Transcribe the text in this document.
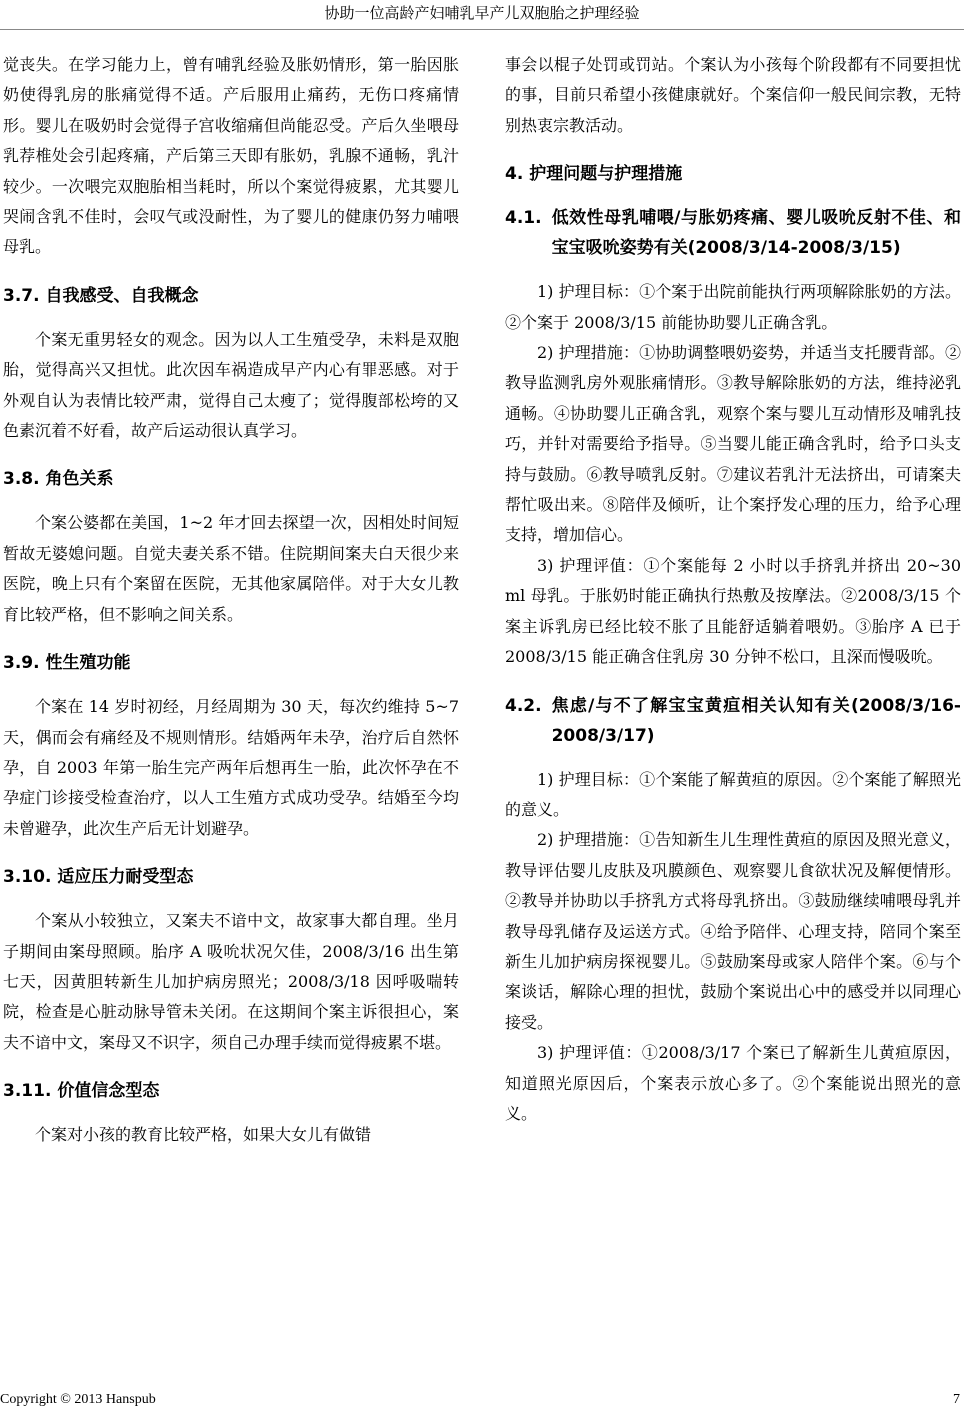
协助一位高龄产妇哺乳早产儿双胞胎之护理经验

觉丧失。在学习能力上，曾有哺乳经验及胀奶情形，第一胎因胀奶使得乳房的胀痛觉得不适。产后服用止痛药，无伤口疼痛情形。婴儿在吸奶时会觉得子宫收缩痛但尚能忍受。产后久坐喂母乳荐椎处会引起疼痛，产后第三天即有胀奶，乳腺不通畅，乳汁较少。一次喂完双胞胎相当耗时，所以个案觉得疲累，尤其婴儿哭闹含乳不佳时，会叹气或没耐性，为了婴儿的健康仍努力哺喂母乳。

3.7. 自我感受、自我概念

个案无重男轻女的观念。因为以人工生殖受孕，未料是双胞胎，觉得高兴又担忧。此次因车祸造成早产内心有罪恶感。对于外观自认为表情比较严肃，觉得自己太瘦了；觉得腹部松垮的又色素沉着不好看，故产后运动很认真学习。

3.8. 角色关系

个案公婆都在美国，1~2 年才回去探望一次，因相处时间短暂故无婆媳问题。自觉夫妻关系不错。住院期间案夫白天很少来医院，晚上只有个案留在医院，无其他家属陪伴。对于大女儿教育比较严格，但不影响之间关系。

3.9. 性生殖功能

个案在 14 岁时初经，月经周期为 30 天，每次约维持 5~7 天，偶而会有痛经及不规则情形。结婚两年未孕，治疗后自然怀孕，自 2003 年第一胎生完产两年后想再生一胎，此次怀孕在不孕症门诊接受检查治疗，以人工生殖方式成功受孕。结婚至今均未曾避孕，此次生产后无计划避孕。

3.10. 适应压力耐受型态

个案从小较独立，又案夫不谙中文，故家事大都自理。坐月子期间由案母照顾。胎序 A 吸吮状况欠佳，2008/3/16 出生第七天，因黄胆转新生儿加护病房照光；2008/3/18 因呼吸喘转院，检查是心脏动脉导管未关闭。在这期间个案主诉很担心，案夫不谙中文，案母又不识字，须自己办理手续而觉得疲累不堪。

3.11. 价值信念型态

个案对小孩的教育比较严格，如果大女儿有做错

事会以棍子处罚或罚站。个案认为小孩每个阶段都有不同要担忧的事，目前只希望小孩健康就好。个案信仰一般民间宗教，无特别热衷宗教活动。

4. 护理问题与护理措施
4.1. 低效性母乳哺喂/与胀奶疼痛、婴儿吸吮反射不佳、和宝宝吸吮姿势有关(2008/3/14-2008/3/15)

1) 护理目标：①个案于出院前能执行两项解除胀奶的方法。②个案于 2008/3/15 前能协助婴儿正确含乳。

2) 护理措施：①协助调整喂奶姿势，并适当支托腰背部。②教导监测乳房外观胀痛情形。③教导解除胀奶的方法，维持泌乳通畅。④协助婴儿正确含乳，观察个案与婴儿互动情形及哺乳技巧，并针对需要给予指导。⑤当婴儿能正确含乳时，给予口头支持与鼓励。⑥教导喷乳反射。⑦建议若乳汁无法挤出，可请案夫帮忙吸出来。⑧陪伴及倾听，让个案抒发心理的压力，给予心理支持，增加信心。

3) 护理评值：①个案能每 2 小时以手挤乳并挤出 20~30 ml 母乳。于胀奶时能正确执行热敷及按摩法。②2008/3/15 个案主诉乳房已经比较不胀了且能舒适躺着喂奶。③胎序 A 已于 2008/3/15 能正确含住乳房 30 分钟不松口，且深而慢吸吮。

4.2. 焦虑/与不了解宝宝黄疸相关认知有关(2008/3/16-2008/3/17)

1) 护理目标：①个案能了解黄疸的原因。②个案能了解照光的意义。

2) 护理措施：①告知新生儿生理性黄疸的原因及照光意义，教导评估婴儿皮肤及巩膜颜色、观察婴儿食欲状况及解便情形。②教导并协助以手挤乳方式将母乳挤出。③鼓励继续哺喂母乳并教导母乳储存及运送方式。④给予陪伴、心理支持，陪同个案至新生儿加护病房探视婴儿。⑤鼓励案母或家人陪伴个案。⑥与个案谈话，解除心理的担忧，鼓励个案说出心中的感受并以同理心接受。

3) 护理评值：①2008/3/17 个案已了解新生儿黄疸原因，知道照光原因后，个案表示放心多了。②个案能说出照光的意义。

Copyright © 2013 Hanspub	7
